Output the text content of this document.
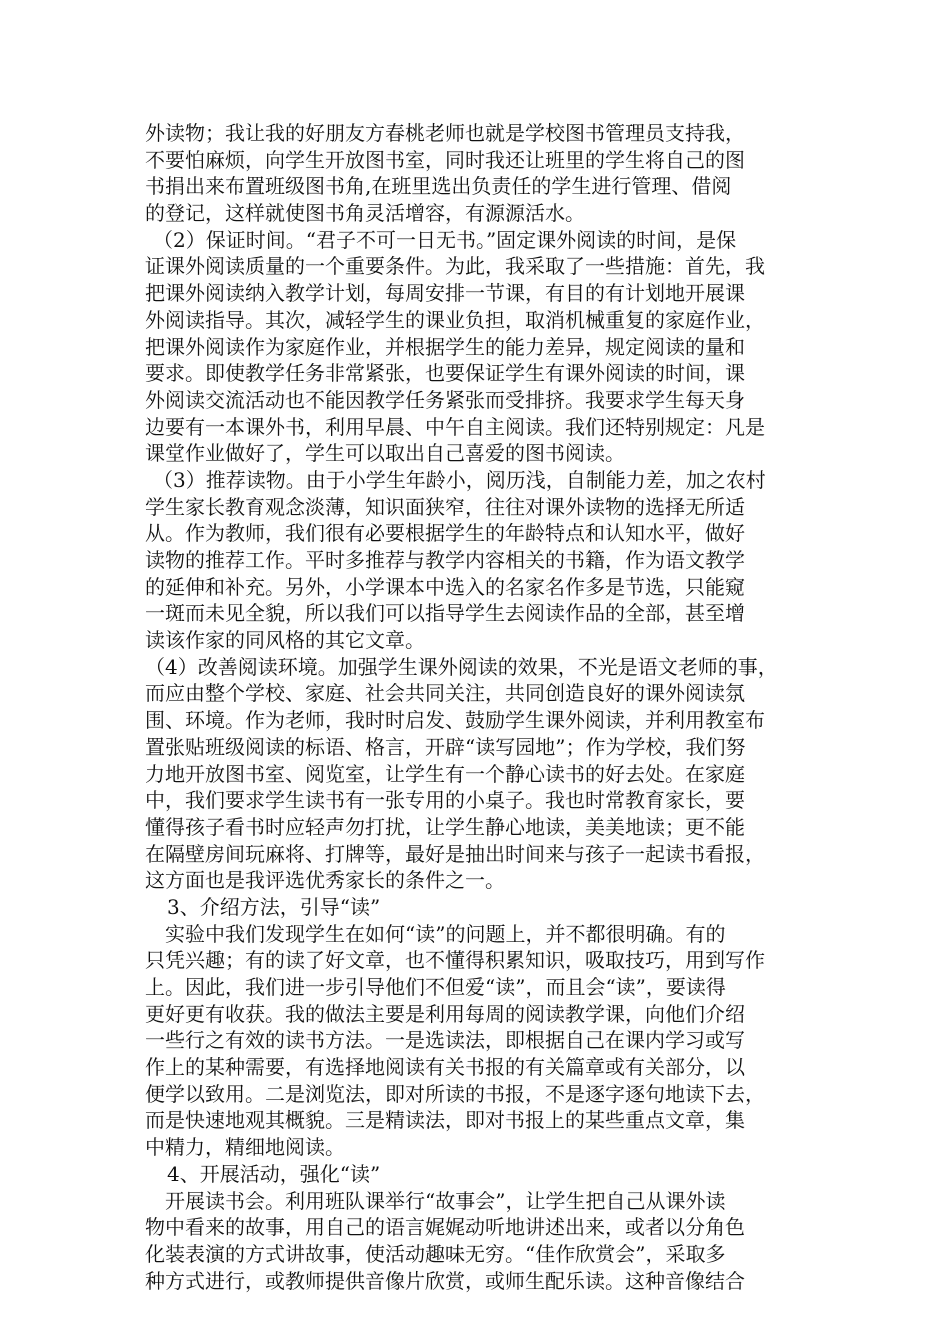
外读物；我让我的好朋友方春桃老师也就是学校图书管理员支持我，
不要怕麻烦，向学生开放图书室，同时我还让班里的学生将自己的图
书捐出来布置班级图书角,在班里选出负责任的学生进行管理、借阅
的登记，这样就使图书角灵活增容，有源源活水。
（2）保证时间。“君子不可一日无书。”固定课外阅读的时间，是保
证课外阅读质量的一个重要条件。为此，我采取了一些措施：首先，我
把课外阅读纳入教学计划，每周安排一节课，有目的有计划地开展课
外阅读指导。其次，减轻学生的课业负担，取消机械重复的家庭作业，
把课外阅读作为家庭作业，并根据学生的能力差异，规定阅读的量和
要求。即使教学任务非常紧张，也要保证学生有课外阅读的时间，课
外阅读交流活动也不能因教学任务紧张而受排挤。我要求学生每天身
边要有一本课外书，利用早晨、中午自主阅读。我们还特别规定：凡是
课堂作业做好了，学生可以取出自己喜爱的图书阅读。
（3）推荐读物。由于小学生年龄小，阅历浅，自制能力差，加之农村
学生家长教育观念淡薄，知识面狭窄，往往对课外读物的选择无所适
从。作为教师，我们很有必要根据学生的年龄特点和认知水平，做好
读物的推荐工作。平时多推荐与教学内容相关的书籍，作为语文教学
的延伸和补充。另外，小学课本中选入的名家名作多是节选，只能窥
一斑而未见全貌，所以我们可以指导学生去阅读作品的全部，甚至增
读该作家的同风格的其它文章。
（4）改善阅读环境。加强学生课外阅读的效果，不光是语文老师的事，
而应由整个学校、家庭、社会共同关注，共同创造良好的课外阅读氛
围、环境。作为老师，我时时启发、鼓励学生课外阅读，并利用教室布
置张贴班级阅读的标语、格言，开辟“读写园地”；作为学校，我们努
力地开放图书室、阅览室，让学生有一个静心读书的好去处。在家庭
中，我们要求学生读书有一张专用的小桌子。我也时常教育家长，要
懂得孩子看书时应轻声勿打扰，让学生静心地读，美美地读；更不能
在隔壁房间玩麻将、打牌等，最好是抽出时间来与孩子一起读书看报，
这方面也是我评选优秀家长的条件之一。
3、介绍方法，引导“读”
实验中我们发现学生在如何“读”的问题上，并不都很明确。有的
只凭兴趣；有的读了好文章，也不懂得积累知识，吸取技巧，用到写作
上。因此，我们进一步引导他们不但爱“读”，而且会“读”，要读得
更好更有收获。我的做法主要是利用每周的阅读教学课，向他们介绍
一些行之有效的读书方法。一是选读法，即根据自己在课内学习或写
作上的某种需要，有选择地阅读有关书报的有关篇章或有关部分，以
便学以致用。二是浏览法，即对所读的书报，不是逐字逐句地读下去，
而是快速地观其概貌。三是精读法，即对书报上的某些重点文章，集
中精力，精细地阅读。
4、开展活动，强化“读”
开展读书会。利用班队课举行“故事会”，让学生把自己从课外读
物中看来的故事，用自己的语言娓娓动听地讲述出来，或者以分角色
化装表演的方式讲故事，使活动趣味无穷。“佳作欣赏会”，采取多
种方式进行，或教师提供音像片欣赏，或师生配乐读。这种音像结合
